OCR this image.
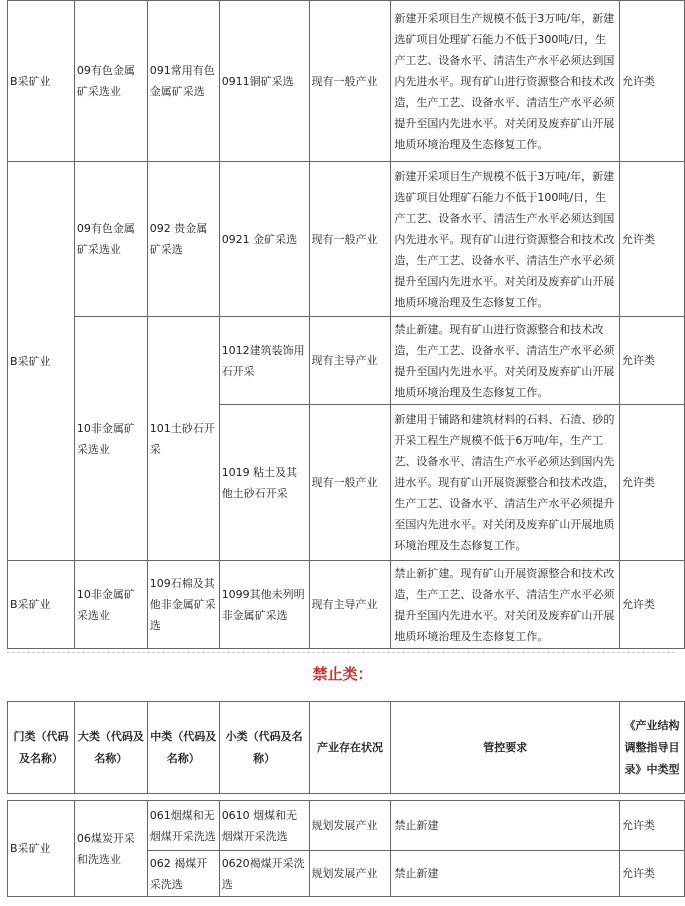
B采矿业	09有色金属矿采选业	091常用有色金属矿采选	0911铜矿采选	现有一般产业	新建开采项目生产规模不低于3万吨/年，新建选矿项目处理矿石能力不低于300吨/日，生产工艺、设备水平、清洁生产水平必须达到国内先进水平。现有矿山进行资源整合和技术改造，生产工艺、设备水平、清洁生产水平必须提升至国内先进水平。对关闭及废弃矿山开展地质环境治理及生态修复工作。	允许类
B采矿业	09有色金属矿采选业	092 贵金属矿采选	0921 金矿采选	现有一般产业	新建开采项目生产规模不低于3万吨/年，新建选矿项目处理矿石能力不低于100吨/日，生产工艺、设备水平、清洁生产水平必须达到国内先进水平。现有矿山进行资源整合和技术改造，生产工艺、设备水平、清洁生产水平必须提升至国内先进水平。对关闭及废弃矿山开展地质环境治理及生态修复工作。	允许类
	10非金属矿采选业	101土砂石开采	1012建筑装饰用石开采	现有主导产业	禁止新建。现有矿山进行资源整合和技术改造，生产工艺、设备水平、清洁生产水平必须提升至国内先进水平。对关闭及废弃矿山开展地质环境治理及生态修复工作。	允许类
			1019 粘土及其他土砂石开采	现有一般产业	新建用于铺路和建筑材料的石料、石渣、砂的开采工程生产规模不低于6万吨/年，生产工艺、设备水平、清洁生产水平必须达到国内先进水平。现有矿山开展资源整合和技术改造，生产工艺、设备水平、清洁生产水平必须提升至国内先进水平。对关闭及废弃矿山开展地质环境治理及生态修复工作。	允许类
B采矿业	10非金属矿采选业	109石棉及其他非金属矿采选	1099其他未列明非金属矿采选	现有主导产业	禁止新扩建。现有矿山开展资源整合和技术改造，生产工艺、设备水平、清洁生产水平必须提升至国内先进水平。对关闭及废弃矿山开展地质环境治理及生态修复工作。	允许类
禁止类：
门类（代码及名称）	大类（代码及名称）	中类（代码及名称）	小类（代码及名称）	产业存在状况	管控要求	《产业结构调整指导目录》中类型
B采矿业	06煤炭开采和洗选业	061烟煤和无烟煤开采洗选	0610 烟煤和无烟煤开采洗选	规划发展产业	禁止新建	允许类
		062 褐煤开采洗选	0620褐煤开采洗选	规划发展产业	禁止新建	允许类
